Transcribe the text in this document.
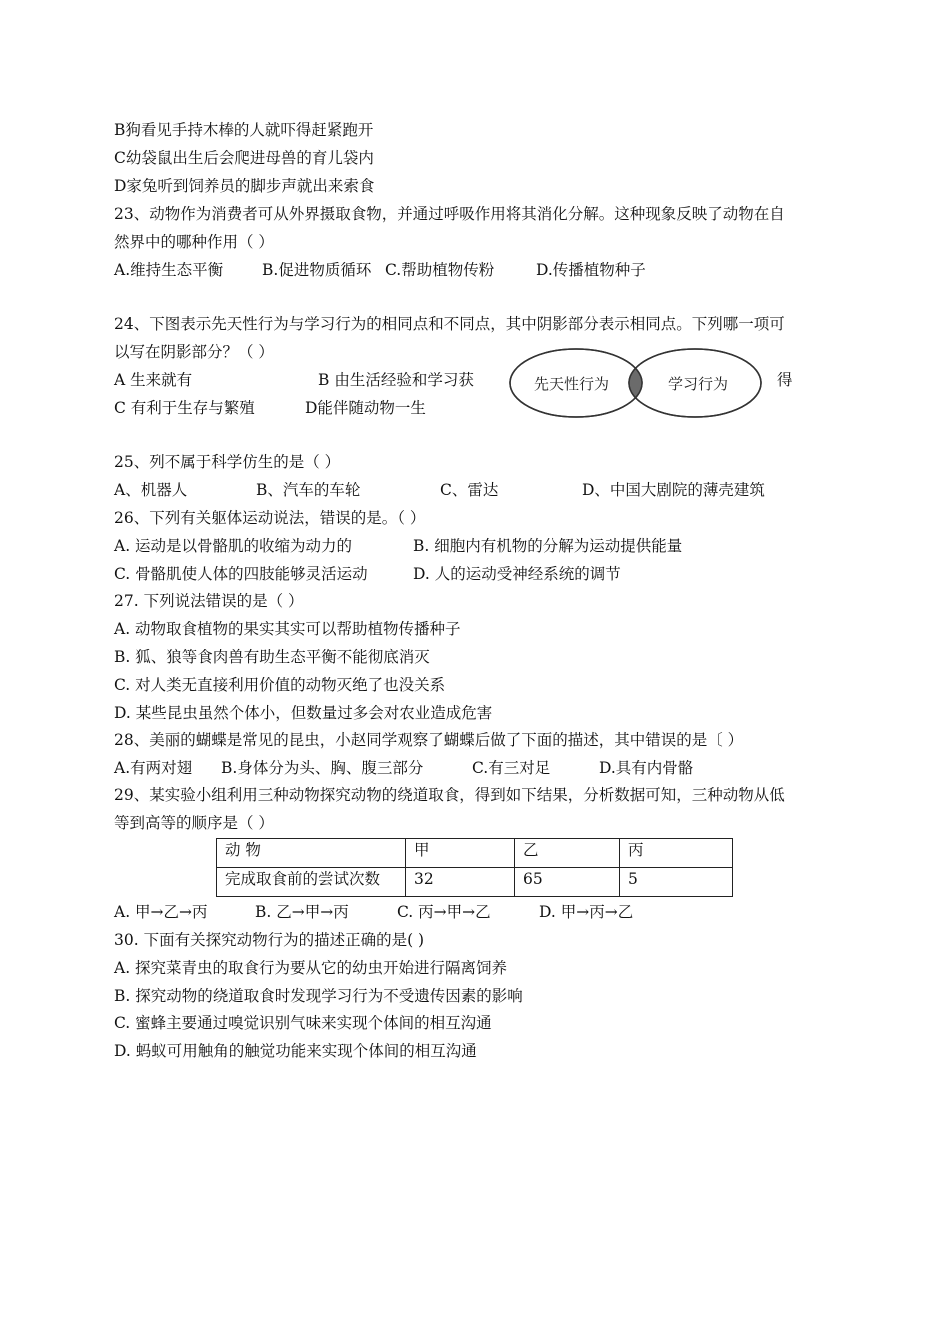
B狗看见手持木棒的人就吓得赶紧跑开
C幼袋鼠出生后会爬进母兽的育儿袋内
D家兔听到饲养员的脚步声就出来索食
23、动物作为消费者可从外界摄取食物，并通过呼吸作用将其消化分解。这种现象反映了动物在自
然界中的哪种作用（ ）
A.维持生态平衡	B.促进物质循环 C.帮助植物传粉	D.传播植物种子
24、下图表示先天性行为与学习行为的相同点和不同点，其中阴影部分表示相同点。下列哪一项可
以写在阴影部分？（ ）
A 生来就有	B 由生活经验和学习获	得
C 有利于生存与繁殖	D能伴随动物一生
先天性行为	学习行为
25、列不属于科学仿生的是（ ）
A、机器人	B、汽车的车轮	C、雷达	D、中国大剧院的薄壳建筑
26、下列有关躯体运动说法，错误的是。（ ）
A. 运动是以骨骼肌的收缩为动力的	B. 细胞内有机物的分解为运动提供能量
C. 骨骼肌使人体的四肢能够灵活运动	D. 人的运动受神经系统的调节
27. 下列说法错误的是（ ）
A. 动物取食植物的果实其实可以帮助植物传播种子
B. 狐、狼等食肉兽有助生态平衡不能彻底消灭
C. 对人类无直接利用价值的动物灭绝了也没关系
D. 某些昆虫虽然个体小，但数量过多会对农业造成危害
28、美丽的蝴蝶是常见的昆虫，小赵同学观察了蝴蝶后做了下面的描述，其中错误的是〔 ）
A.有两对翅 B.身体分为头、胸、腹三部分	C.有三对足	D.具有内骨骼
29、某实验小组利用三种动物探究动物的绕道取食，得到如下结果，分析数据可知，三种动物从低
等到高等的顺序是（ ）
动 物	甲	乙	丙
完成取食前的尝试次数	32	65	5
A. 甲→乙→丙	B. 乙→甲→丙	C. 丙→甲→乙	D. 甲→丙→乙
30. 下面有关探究动物行为的描述正确的是( )
A. 探究菜青虫的取食行为要从它的幼虫开始进行隔离饲养
B. 探究动物的绕道取食时发现学习行为不受遗传因素的影响
C. 蜜蜂主要通过嗅觉识别气味来实现个体间的相互沟通
D. 蚂蚁可用触角的触觉功能来实现个体间的相互沟通
